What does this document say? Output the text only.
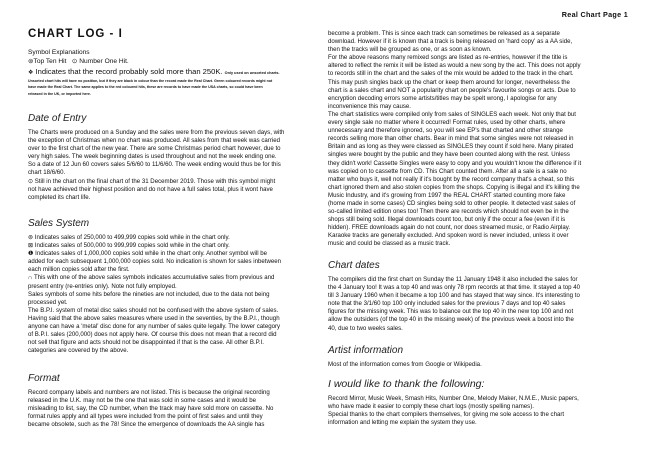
Real Chart Page 1
CHART LOG - I
Symbol Explanations
⊚Top Ten Hit ⊙ Number One Hit.
❖ Indicates that the record probably sold more than 250K. Only used on unsorted charts.
Unsorted chart hits will have no position, but if they are black in colour than the record made the Real Chart. Green coloured records might not
have made the Real Chart. The same applies to the red coloured hits, these are records to have made the USA charts, so could have been
released in the UK, or imported here.
Date of Entry

The Charts were produced on a Sunday and the sales were from the previous seven days, with

the exception of Christmas when no chart was produced. All sales from that week was carried

over to the first chart of the new year. There are some Christmas period chart however, due to

very high sales. The week beginning dates is used throughout and not the week ending one.

So a date of 12 Jun 60 covers sales 5/6/60 to 11/6/60. The week ending would thus be for this

chart 18/6/60.

⊙ Still in the chart on the final chart of the 31 December 2019. Those with this symbol might

not have achieved their highest position and do not have a full sales total, plus it wont have

completed its chart life.

Sales System

⊚ Indicates sales of 250,000 to 499,999 copies sold while in the chart only.

⊠ Indicates sales of 500,000 to 999,999 copies sold while in the chart only.

❶ Indicates sales of 1,000,000 copies sold while in the chart only. Another symbol will be

added for each subsequent 1,000,000 copies sold. No indication is shown for sales inbetween

each million copies sold after the first.

∩ This with one of the above sales symbols indicates accumulative sales from previous and

present entry (re-entries only). Note not fully employed.

Sales symbols of some hits before the nineties are not included, due to the data not being

processed yet.

The B.P.I. system of metal disc sales should not be confused with the above system of sales.

Having said that the above sales measures where used in the seventies, by the B.P.I., though

anyone can have a 'metal' disc done for any number of sales quite legally. The lower category

of B.P.I. sales (200,000) does not apply here. Of course this does not mean that a record did

not sell that figure and acts should not be disappointed if that is the case. All other B.P.I.

categories are covered by the above.

Format

Record company labels and numbers are not listed. This is because the original recording

released in the U.K. may not be the one that was sold in some cases and it would be

misleading to list, say, the CD number, when the track may have sold more on cassette. No

format rules apply and all types were included from the point of first sales and until they

became obsolete, such as the 78! Since the emergence of downloads the AA single has

become a problem. This is since each track can sometimes be released as a separate

download. However if it is known that a track is being released on 'hard copy' as a AA side,

then the tracks will be grouped as one, or as soon as known.

For the above reasons many remixed songs are listed as re-entries, however if the title is

altered to reflect the remix it will be listed as would a new song by the act. This does not apply

to records still in the chart and the sales of the mix would be added to the track in the chart.

This may push singles back up the chart or keep them around for longer, nevertheless the

chart is a sales chart and NOT a popularity chart on people's favourite songs or acts. Due to

encryption decoding errors some artists/titles may be spelt wrong, I apologise for any

inconvenience this may cause.

The chart statistics were compiled only from sales of SINGLES each week. Not only that but

every single sale no matter where it occurred! Format rules, used by other charts, where

unnecessary and therefore ignored, so you will see EP's that charted and other strange

records selling more than other charts. Bear in mind that some singles were not released in

Britain and as long as they were classed as SINGLES they count if sold here. Many pirated

singles were bought by the public and they have been counted along with the rest. Unless

they didn't work! Cassette Singles were easy to copy and you wouldn't know the difference if it

was copied on to cassette from CD. This Chart counted them. After all a sale is a sale no

matter who buys it, well not really if it's bought by the record company that's a cheat, so this

chart ignored them and also stolen copies from the shops. Copying is illegal and it's killing the

Music Industry, and it's growing from 1997 the REAL CHART started counting more fake

(home made in some cases) CD singles being sold to other people. It detected vast sales of

so-called limited edition ones too! Then there are records which should not even be in the

shops still being sold. Illegal downloads count too, but only if the occur a fee (even if it is

hidden). FREE downloads again do not count, nor does streamed music, or Radio Airplay.

Karaoke tracks are generally excluded. And spoken word is never included, unless it over

music and could be classed as a music track.

Chart dates

The compilers did the first chart on Sunday the 11 January 1948 it also included the sales for

the 4 January too! It was a top 40 and was only 78 rpm records at that time. It stayed a top 40

till 3 January 1960 when it became a top 100 and has stayed that way since. It's interesting to

note that the 3/1/60 top 100 only included sales for the previous 7 days and top 40 sales

figures for the missing week. This was to balance out the top 40 in the new top 100 and not

allow the outsiders (of the top 40 in the missing week) of the previous week a boost into the

40, due to two weeks sales.

Artist information

Most of the information comes from Google or Wikipedia.

I would like to thank the following:

Record Mirror, Music Week, Smash Hits, Number One, Melody Maker, N.M.E., Music papers,

who have made it easier to comply these chart logs (mostly spelling names).

Special thanks to the chart compilers themselves, for giving me sole access to the chart

information and letting me explain the system they use.
